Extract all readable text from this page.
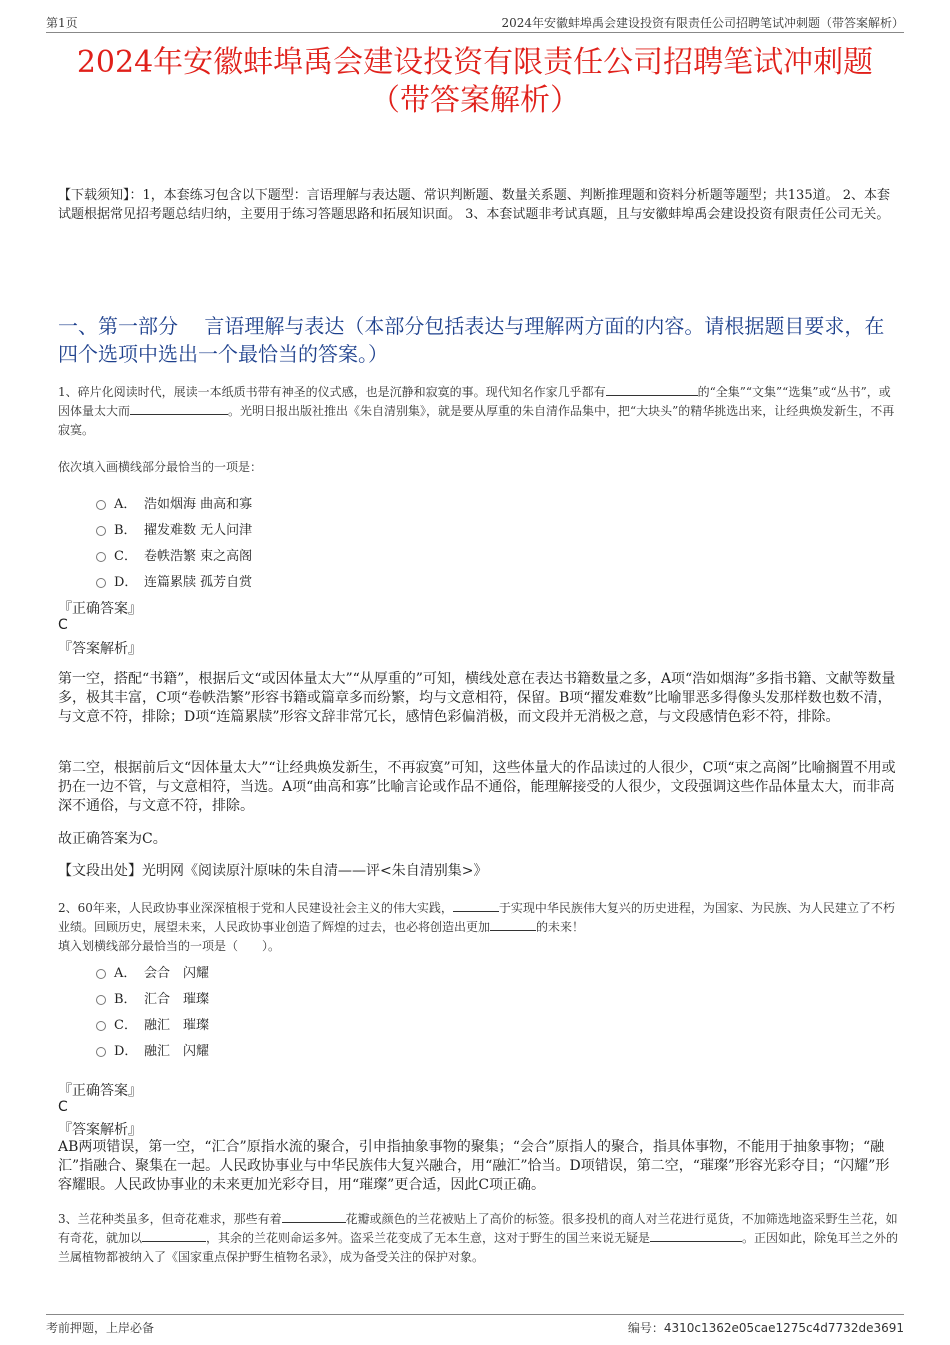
第1页	2024年安徽蚌埠禹会建设投资有限责任公司招聘笔试冲刺题（带答案解析）
2024年安徽蚌埠禹会建设投资有限责任公司招聘笔试冲刺题
（带答案解析）
【下载须知】：1，本套练习包含以下题型：言语理解与表达题、常识判断题、数量关系题、判断推理题和资料分析题等题型；共135道。 2、本套试题根据常见招考题总结归纳，主要用于练习答题思路和拓展知识面。 3、本套试题非考试真题，且与安徽蚌埠禹会建设投资有限责任公司无关。
一、第一部分　 言语理解与表达（本部分包括表达与理解两方面的内容。请根据题目要求，在四个选项中选出一个最恰当的答案。）
1、碎片化阅读时代，展读一本纸质书带有神圣的仪式感，也是沉静和寂寞的事。现代知名作家几乎都有	的“全集”“文集”“选集”或“丛书”，或因体量太大而	。光明日报出版社推出《朱自清别集》，就是要从厚重的朱自清作品集中，把“大块头”的精华挑选出来，让经典焕发新生，不再寂寞。
依次填入画横线部分最恰当的一项是：
A． 浩如烟海 曲高和寡
B． 擢发难数 无人问津
C． 卷帙浩繁 束之高阁
D． 连篇累牍 孤芳自赏
『正确答案』
C
『答案解析』
第一空，搭配“书籍”，根据后文“或因体量太大”“从厚重的”可知，横线处意在表达书籍数量之多，A项“浩如烟海”多指书籍、文献等数量多，极其丰富，C项“卷帙浩繁”形容书籍或篇章多而纷繁，均与文意相符，保留。B项“擢发难数”比喻罪恶多得像头发那样数也数不清，与文意不符，排除；D项“连篇累牍”形容文辞非常冗长，感情色彩偏消极，而文段并无消极之意，与文段感情色彩不符，排除。
第二空，根据前后文“因体量太大”“让经典焕发新生，不再寂寞”可知，这些体量大的作品读过的人很少，C项“束之高阁”比喻搁置不用或扔在一边不管，与文意相符，当选。A项“曲高和寡”比喻言论或作品不通俗，能理解接受的人很少，文段强调这些作品体量太大，而非高深不通俗，与文意不符，排除。
故正确答案为C。
【文段出处】光明网《阅读原汁原味的朱自清——评<朱自清别集>》
2、60年来，人民政协事业深深植根于党和人民建设社会主义的伟大实践，	于实现中华民族伟大复兴的历史进程，为国家、为民族、为人民建立了不朽业绩。回顾历史，展望未来，人民政协事业创造了辉煌的过去，也必将创造出更加	的未来！
填入划横线部分最恰当的一项是（　　）。
A． 会合　闪耀
B． 汇合　璀璨
C． 融汇　璀璨
D． 融汇　闪耀
『正确答案』
C
『答案解析』
AB两项错误，第一空，“汇合”原指水流的聚合，引申指抽象事物的聚集；“会合”原指人的聚合，指具体事物，不能用于抽象事物；“融汇”指融合、聚集在一起。人民政协事业与中华民族伟大复兴融合，用“融汇”恰当。D项错误，第二空，“璀璨”形容光彩夺目；“闪耀”形容耀眼。人民政协事业的未来更加光彩夺目，用“璀璨”更合适，因此C项正确。
3、兰花种类虽多，但奇花难求，那些有着	花瓣或颜色的兰花被贴上了高价的标签。很多投机的商人对兰花进行觅货，不加筛选地盗采野生兰花，如有奇花，就加以	，其余的兰花则命运多舛。盗采兰花变成了无本生意，这对于野生的国兰来说无疑是	。正因如此，除兔耳兰之外的兰属植物都被纳入了《国家重点保护野生植物名录》，成为备受关注的保护对象。
考前押题，上岸必备	编号：4310c1362e05cae1275c4d7732de3691
